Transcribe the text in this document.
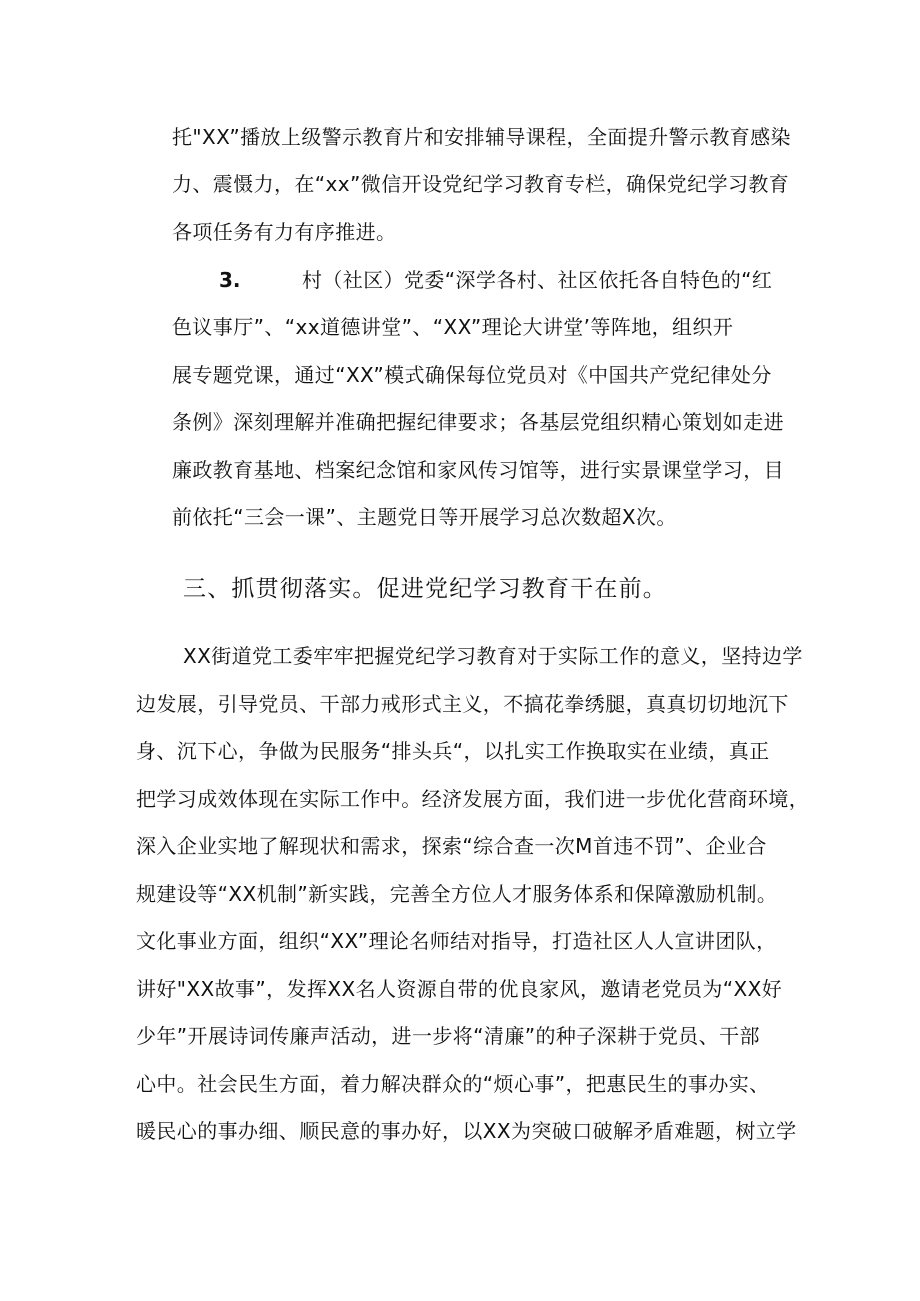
托"XX”播放上级警示教育片和安排辅导课程，全面提升警示教育感染
力、震慑力，在“xx”微信开设党纪学习教育专栏，确保党纪学习教育
各项任务有力有序推进。
3.	村（社区）党委“深学各村、社区依托各自特色的“红
色议事厅”、“xx道德讲堂”、“XX”理论大讲堂’等阵地，组织开
展专题党课，通过“XX”模式确保每位党员对《中国共产党纪律处分
条例》深刻理解并准确把握纪律要求；各基层党组织精心策划如走进
廉政教育基地、档案纪念馆和家风传习馆等，进行实景课堂学习，目
前依托“三会一课”、主题党日等开展学习总次数超X次。
三、抓贯彻落实。促进党纪学习教育干在前。
XX街道党工委牢牢把握党纪学习教育对于实际工作的意义，坚持边学
边发展，引导党员、干部力戒形式主义，不搞花拳绣腿，真真切切地沉下
身、沉下心，争做为民服务“排头兵“，以扎实工作换取实在业绩，真正
把学习成效体现在实际工作中。经济发展方面，我们进一步优化营商环境，
深入企业实地了解现状和需求，探索“综合查一次M首违不罚”、企业合
规建设等“XX机制”新实践，完善全方位人才服务体系和保障激励机制。
文化事业方面，组织“XX”理论名师结对指导，打造社区人人宣讲团队，
讲好"XX故事”，发挥XX名人资源自带的优良家风，邀请老党员为“XX好
少年”开展诗词传廉声活动，进一步将“清廉”的种子深耕于党员、干部
心中。社会民生方面，着力解决群众的“烦心事”，把惠民生的事办实、
暖民心的事办细、顺民意的事办好，以XX为突破口破解矛盾难题，树立学
